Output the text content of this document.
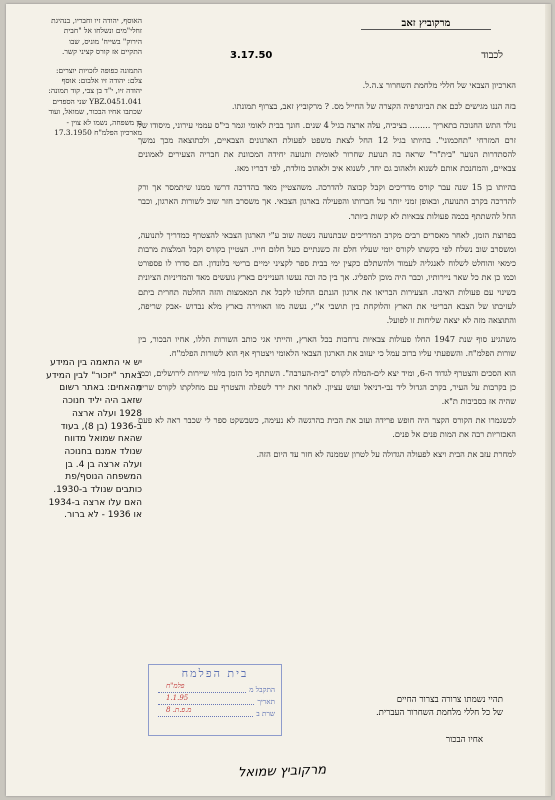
מרקוביץ זאב
3.17.50	לכבוד

הארכיון הצבאי של חללי מלחמת השחרור צ.ה.ל.

בזה הננו מגישים לכם את הביוגרפיה הקצרה של החייל מס. ? מרקוביץ זאב, בצרוף תמונתו.

נולד התש החנוכה בתאריך ........ בציכיה, עלה ארצה בגיל 4 שנים. חונך בבית לאומי וגמר בי"ס עממי עירוני, מיסודו של זרם המזרחי "תחכמוני". בהיותו בגיל 12 החל לצאת משפט לפעולת הארגונים הצבאיים, ולכתוצאה מכך נמשך להסתדרות הנוער "בית"ר" שראה בה תנועת שחרור לאומית ותנועה יחידה המכוונת את חבריה הצעירים לאמונים צבאיים, והמחנכת אותם לשנוא ולאהוב גם יחד, לשנוא איב ולאהוב מולדת, לפי דבריו מאז.

בהיותו בן 15 שנה עבר קורס מדריכים וקבל קבוצה להדרכה. משהצטיין מאד בהדרכה דרשו ממנו שיתמסר אך ורק להדרכה בקרב התנועה, ובאופן זמני יותר על חברותו והפעילה בארגון הצבאי. אך משסרב חזר שוב לשורות הארגון, וכבר החל להשתתף בכמה פעולות צבאיות לא קשות ביותר.

בפרוצת הזמן, לאחר מאסרים רבים מקרב המדריכים שבתנועה נשטה שוב ע"י הארגון הצבאי להצטרף כמדריך לתנועה, ומשסרב שוב נשלח לפי בקשתו לקורס יומי שעליו חלם זה כשנתיים כעל חלום חייו. הצטיין בקורס וקבל המלצות מרבות כימאי והוחלט לשלוח לאנגליה לעמוד ולהשתלם כקצין ימי בבית ספר לקציני ימיים בריטי בלונדון. הם סדרו לו פספורט וכמו כן את כל שאר ניירותיו, וכבר היה מוכן להפליג. אך בין כה וכה נעשו העניינים בארץ גועשים מאד והמדיניות הציונית בשינוי עם פעולות האיבה. הצעירות הבריאו את ארגון הגנתם החלטו לקבל את המאמצות והזה החלטה תחרית ביתם לעזיבתו של הצבא הבריטי את הארץ והלוקחת בין תושבי א"י, נעשה מזו האווירה בארץ מלא נבדוש -אבק שריפה, והתוצאה מזה לא יצאה שליחות זו לפועל.

משהגיע סוף שנת 1947 החלו פעולות צבאיות נרחבות בכל הארץ, והייתי אגי כותב השורות הללו, אחיו הבכור, בין שורות הפלמ"ח. והשפעתי עליו ברוב עמל כי יעזוב את הארגון הצבאי הלאומי ויצטרף אף הוא לשורות הפלמ"ח.

הוא הסכים והצטרף לגדוד ה-6, ומיד יצא לים-המלח לקורס "בית-הערבה". השתתף כל הזמן בלווי שיירות לירושלים, וכמו כן בקרבות על העיר, בקרב הגדול ליד נבי-דניאל ועוש עציון. לאחר זאת ירד לשפלה והצטרף עם מחלקתו לקורס שריון שהיה אז בסביבות ת"א.

לכשגמרו את הקורס הקצר היה חופש פרידה ועזב את הבית בהרגשה לא נעימה, כשבשקט ספר לי שכבר ראה לא פעם האכזריות רבה את המות פנים אל פנים.

למחרת עזב את הבית ויצא לפעולה הגדולה על לטרון שממנה לא חזר עד היום הזה.

האוסף, יהודה זיו וחבריו, בנהיגת זחלי"מים ונשלחו אל "חבית הירוק" בשייח' מוניס, שבו התקיים אז קורס קציני קשר.

התמונה כפופה לזכויות יוצרים: צלם: יהודה זיו אלבום: אוסף יהודה זיו, י"ד בן צבי, קוד תמונה: YBZ.0451.041 שני הספדים שכתבו אחיו הבכור, שמואל, ועוד בן משפחה, נשמו לא צוין - מארכיון הפלמ"ח 17.3.1950

יש אי התאמה בין המידע באתר "יזכור" לבין המידע מהאחים: באתר רשום שזאב היה יליד חנוכה 1928 ועלה ארצה ב-1936 (בן 8), בעוד שהאח שמואל מדווח שנולד אמנם בחנוכה ועלה ארצה בן 4. בן המשפחה הנוסף/פת כותבים שנולד ב-1930. האם עלו ארצה ב-1934 או 1936 - לא ברור.
תהיי נשמתו צרורה בצרור החיים
של כל חללי מלחמת השחרור העברית.
אחיו הבכור
בית הפלמח
התקבל מ
פלמ"ח
תאריך
1.1.95
שרת ב
מ.פ.ת. 8
מרקוביץ שמואל
